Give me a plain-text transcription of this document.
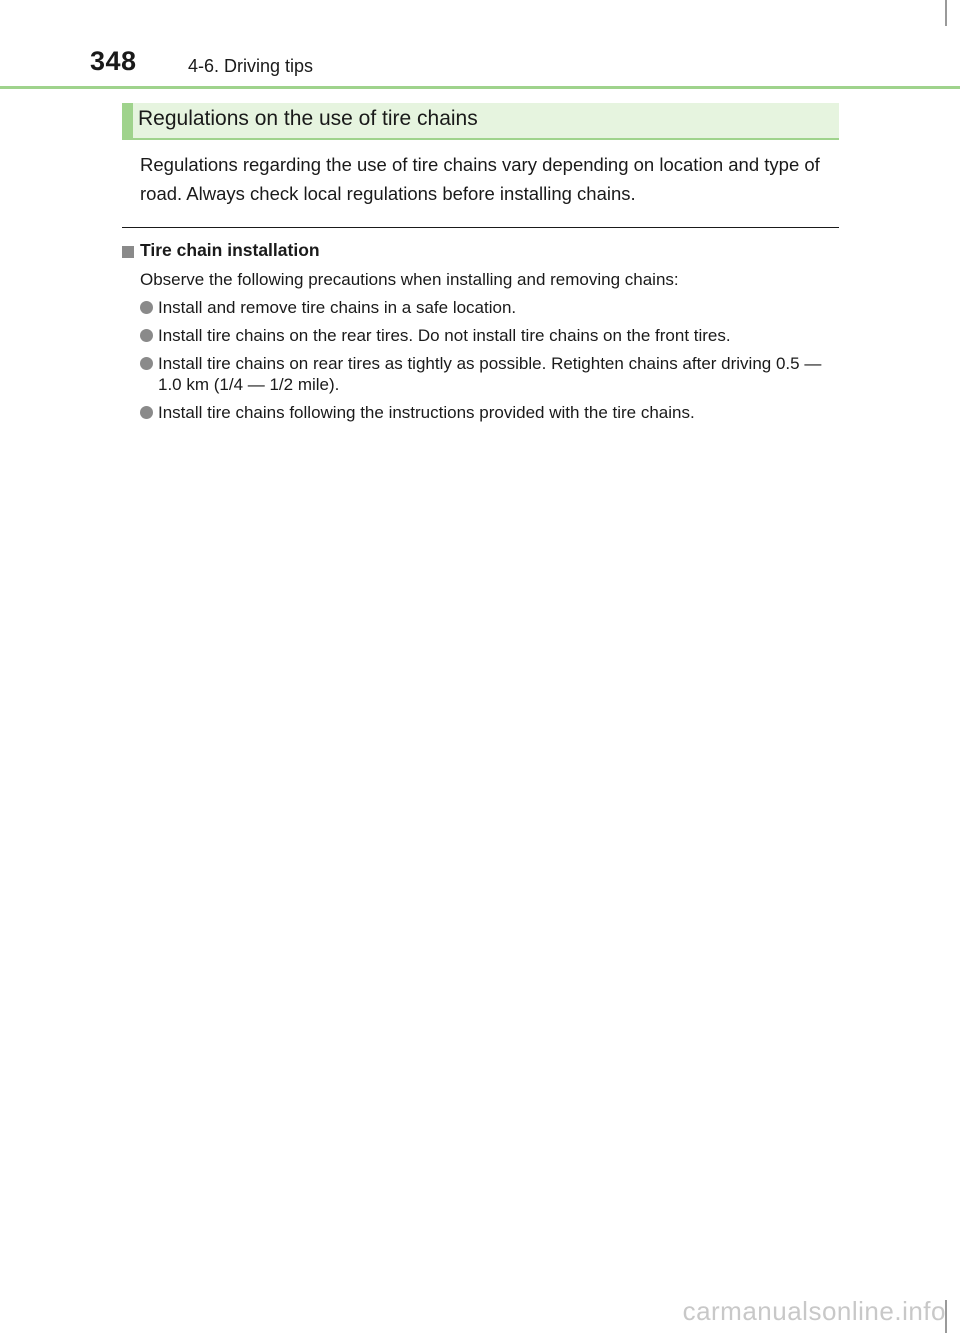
348	4-6. Driving tips
Regulations on the use of tire chains

Regulations regarding the use of tire chains vary depending on location and type of road. Always check local regulations before installing chains.

Tire chain installation
Observe the following precautions when installing and removing chains:
Install and remove tire chains in a safe location.
Install tire chains on the rear tires. Do not install tire chains on the front tires.
Install tire chains on rear tires as tightly as possible. Retighten chains after driving 0.5 — 1.0 km (1/4 — 1/2 mile).
Install tire chains following the instructions provided with the tire chains.
carmanualsonline.info
